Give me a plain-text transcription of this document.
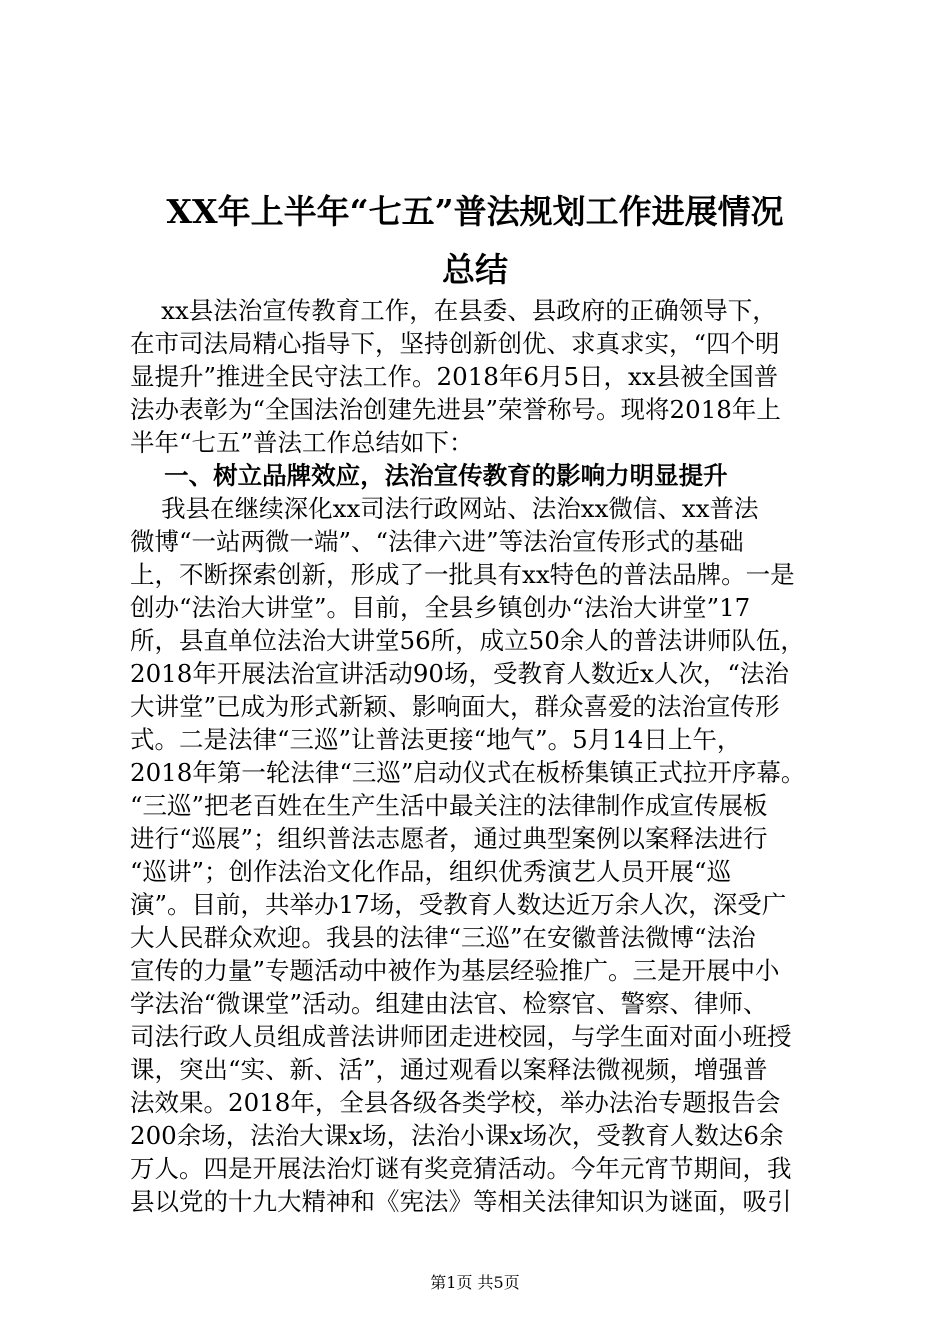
XX年上半年“七五”普法规划工作进展情况
总结
xx县法治宣传教育工作，在县委、县政府的正确领导下，
在市司法局精心指导下，坚持创新创优、求真求实，“四个明
显提升”推进全民守法工作。2018年6月5日，xx县被全国普
法办表彰为“全国法治创建先进县”荣誉称号。现将2018年上
半年“七五”普法工作总结如下：
一、树立品牌效应，法治宣传教育的影响力明显提升
我县在继续深化xx司法行政网站、法治xx微信、xx普法
微博“一站两微一端”、“法律六进”等法治宣传形式的基础
上，不断探索创新，形成了一批具有xx特色的普法品牌。一是
创办“法治大讲堂”。目前，全县乡镇创办“法治大讲堂”17
所，县直单位法治大讲堂56所，成立50余人的普法讲师队伍，
2018年开展法治宣讲活动90场，受教育人数近x人次，“法治
大讲堂”已成为形式新颖、影响面大，群众喜爱的法治宣传形
式。二是法律“三巡”让普法更接“地气”。5月14日上午，
2018年第一轮法律“三巡”启动仪式在板桥集镇正式拉开序幕。
“三巡”把老百姓在生产生活中最关注的法律制作成宣传展板
进行“巡展”；组织普法志愿者，通过典型案例以案释法进行
“巡讲”；创作法治文化作品，组织优秀演艺人员开展“巡
演”。目前，共举办17场，受教育人数达近万余人次，深受广
大人民群众欢迎。我县的法律“三巡”在安徽普法微博“法治
宣传的力量”专题活动中被作为基层经验推广。三是开展中小
学法治“微课堂”活动。组建由法官、检察官、警察、律师、
司法行政人员组成普法讲师团走进校园，与学生面对面小班授
课，突出“实、新、活”，通过观看以案释法微视频，增强普
法效果。2018年，全县各级各类学校，举办法治专题报告会
200余场，法治大课x场，法治小课x场次，受教育人数达6余
万人。四是开展法治灯谜有奖竞猜活动。今年元宵节期间，我
县以党的十九大精神和《宪法》等相关法律知识为谜面，吸引
第1页 共5页
